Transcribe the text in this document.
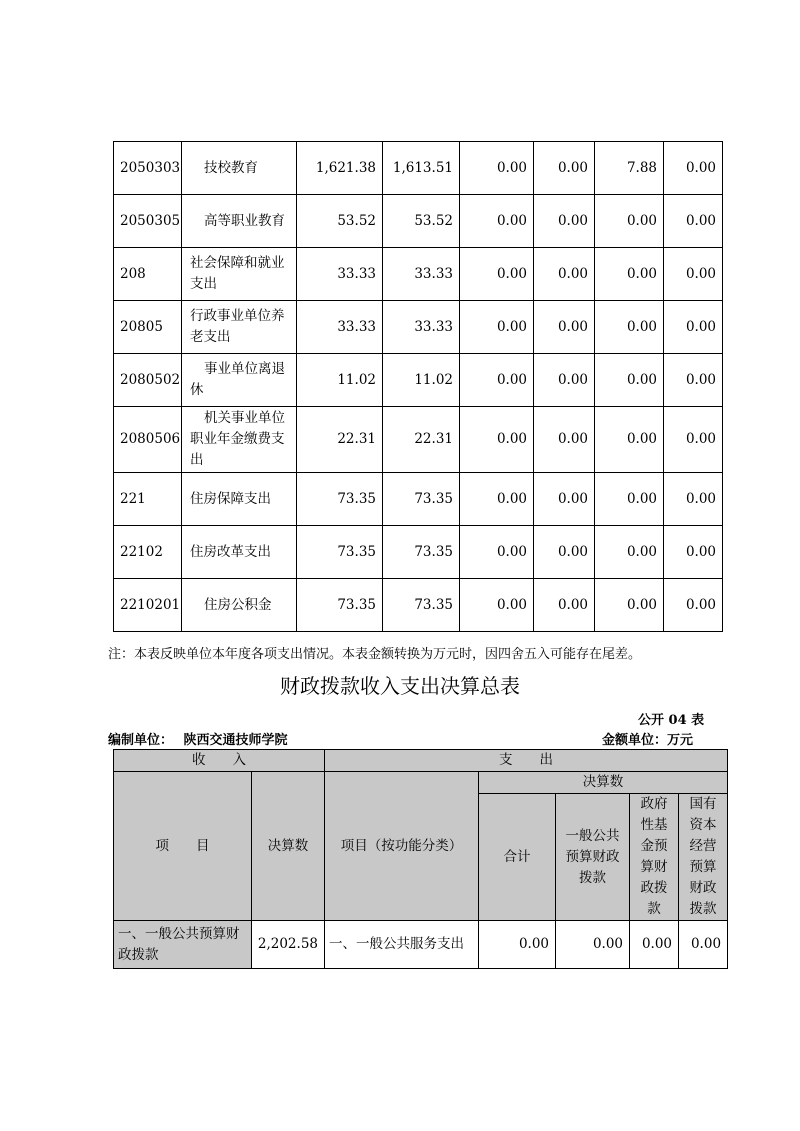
2050303	技校教育	1,621.38	1,613.51	0.00	0.00	7.88	0.00
2050305	高等职业教育	53.52	53.52	0.00	0.00	0.00	0.00
208	社会保障和就业支出	33.33	33.33	0.00	0.00	0.00	0.00
20805	行政事业单位养老支出	33.33	33.33	0.00	0.00	0.00	0.00
2080502	事业单位离退休	11.02	11.02	0.00	0.00	0.00	0.00
2080506	机关事业单位职业年金缴费支出	22.31	22.31	0.00	0.00	0.00	0.00
221	住房保障支出	73.35	73.35	0.00	0.00	0.00	0.00
22102	住房改革支出	73.35	73.35	0.00	0.00	0.00	0.00
2210201	住房公积金	73.35	73.35	0.00	0.00	0.00	0.00
注：本表反映单位本年度各项支出情况。本表金额转换为万元时，因四舍五入可能存在尾差。
财政拨款收入支出决算总表
公开 04 表
编制单位： 陕西交通技师学院	金额单位：万元
收　　入		支　　出				
项　　目	决算数	项目（按功能分类）	决算数			
			合计	一般公共预算财政拨款	政府性基金预算财政拨款	国有资本经营预算财政拨款
一、一般公共预算财政拨款	2,202.58	一、一般公共服务支出	0.00	0.00	0.00	0.00
